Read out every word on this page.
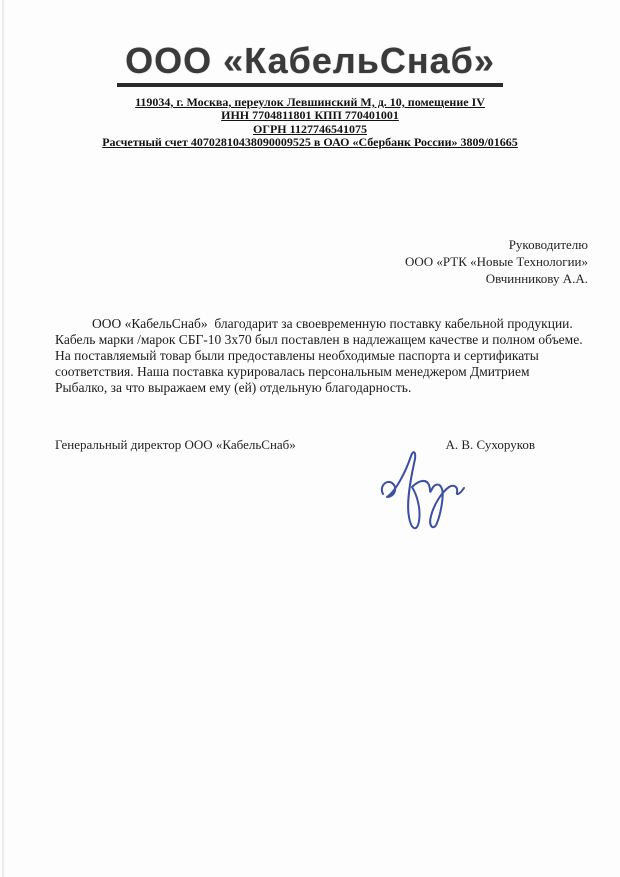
ООО «КабельСнаб»
119034, г. Москва, переулок Левшинский М, д. 10, помещение IV
ИНН 7704811801 КПП 770401001
ОГРН 1127746541075
Расчетный счет 40702810438090009525 в ОАО «Сбербанк России» 3809/01665
Руководителю
ООО «РТК «Новые Технологии»
Овчинникову А.А.
ООО «КабельСнаб»  благодарит за своевременную поставку кабельной продукции.  Кабель марки /марок СБГ-10 3х70 был поставлен в надлежащем качестве и полном объеме. На поставляемый товар были предоставлены необходимые паспорта и сертификаты соответствия. Наша поставка курировалась персональным менеджером Дмитрием Рыбалко, за что выражаем ему (ей) отдельную благодарность.
Генеральный директор ООО «КабельСнаб»	А. В. Сухоруков
